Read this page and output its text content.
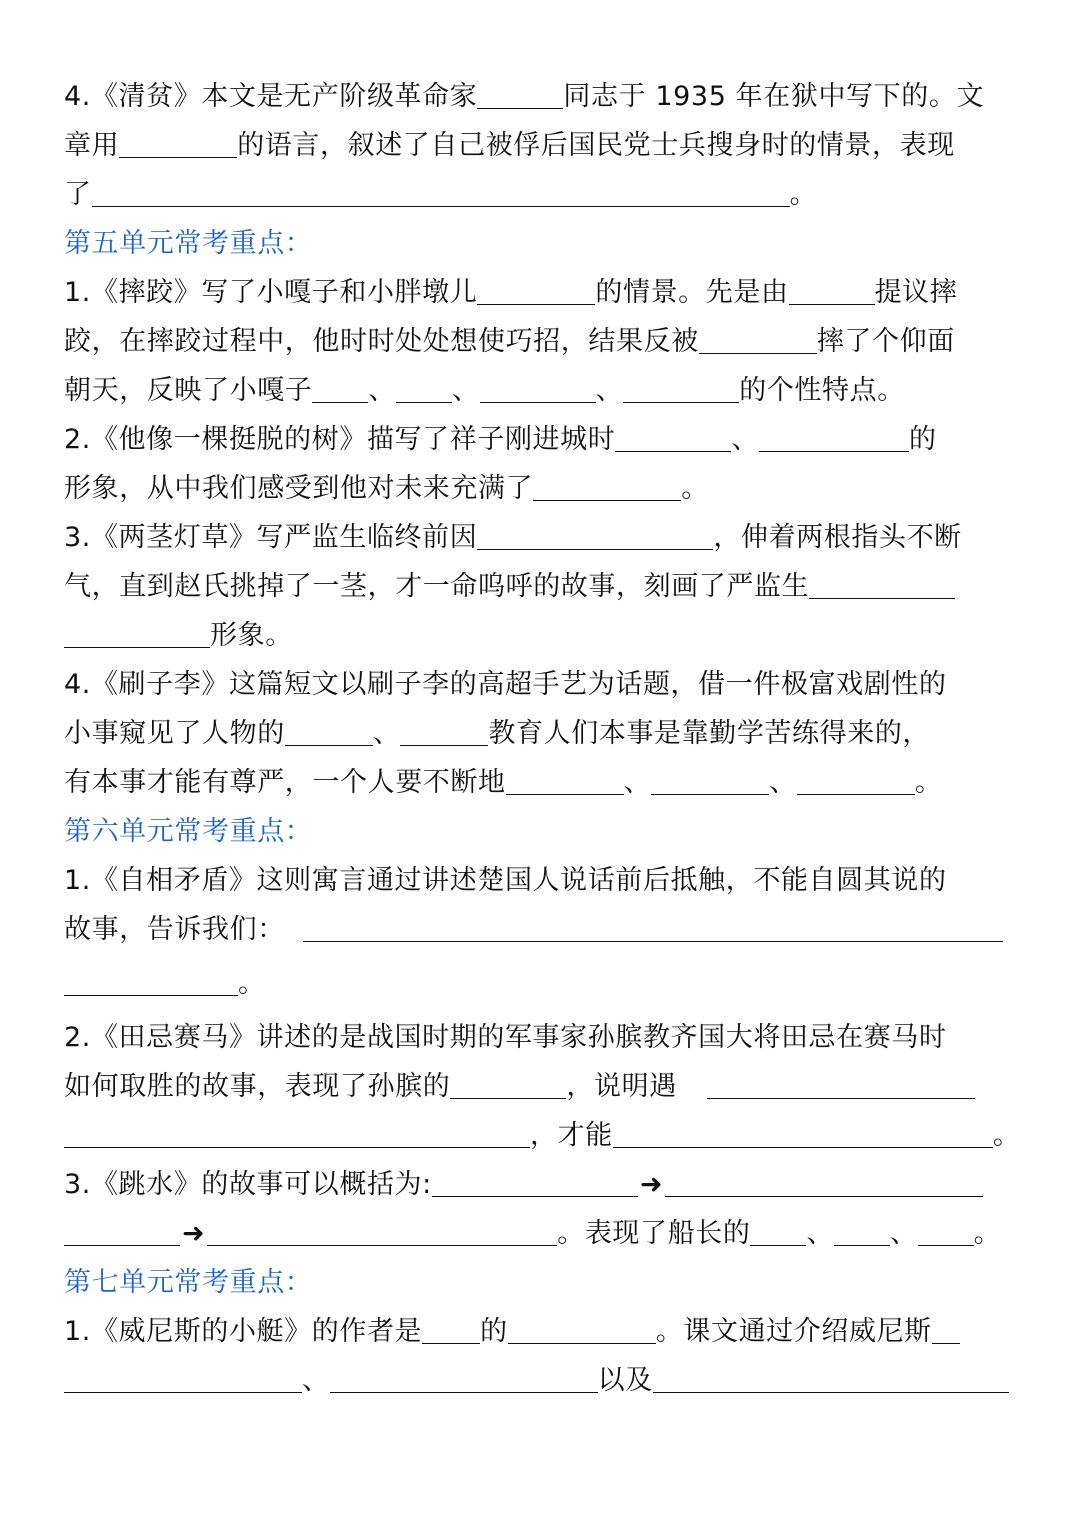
4.《清贫》本文是无产阶级革命家	同志于 1935 年在狱中写下的。文
章用	的语言，叙述了自己被俘后国民党士兵搜身时的情景，表现
了	。
第五单元常考重点：
1.《摔跤》写了小嘎子和小胖墩儿	的情景。先是由	提议摔
跤，在摔跤过程中，他时时处处想使巧招，结果反被	摔了个仰面
朝天，反映了小嘎子 、 、	、	的个性特点。
2.《他像一棵挺脱的树》描写了祥子刚进城时	、	的
形象，从中我们感受到他对未来充满了	。
3.《两茎灯草》写严监生临终前因	，伸着两根指头不断
气，直到赵氏挑掉了一茎，才一命呜呼的故事，刻画了严监生
形象。
4.《刷子李》这篇短文以刷子李的高超手艺为话题，借一件极富戏剧性的
小事窥见了人物的	、	教育人们本事是靠勤学苦练得来的，
有本事才能有尊严，一个人要不断地	、	、	。
第六单元常考重点：
1.《自相矛盾》这则寓言通过讲述楚国人说话前后抵触，不能自圆其说的
故事，告诉我们：
。
2.《田忌赛马》讲述的是战国时期的军事家孙膑教齐国大将田忌在赛马时
如何取胜的故事，表现了孙膑的	，说明遇
，才能	。
3.《跳水》的故事可以概括为:	➜
➜	。表现了船长的 、 、 。
第七单元常考重点：
1.《威尼斯的小艇》的作者是 的	。课文通过介绍威尼斯
、	以及
